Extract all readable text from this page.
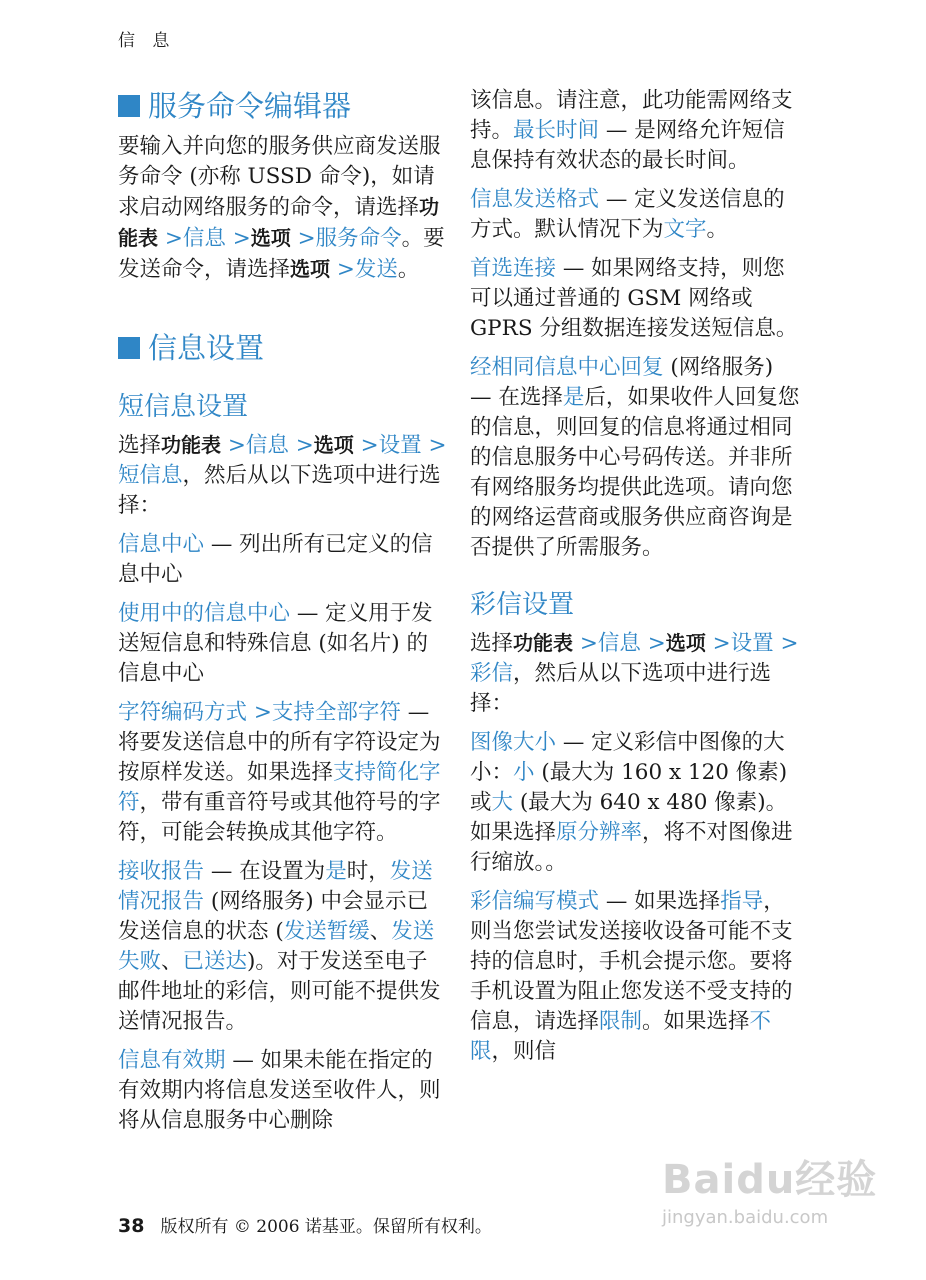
信 息
服务命令编辑器

要输入并向您的服务供应商发送服务命令 (亦称 USSD 命令)，如请求启动网络服务的命令，请选择功能表 >信息 >选项 >服务命令。要发送命令，请选择选项 >发送。

信息设置
短信息设置

选择功能表 >信息 >选项 >设置 >短信息，然后从以下选项中进行选择：

信息中心 — 列出所有已定义的信息中心

使用中的信息中心 — 定义用于发送短信息和特殊信息 (如名片) 的信息中心

字符编码方式 >支持全部字符 — 将要发送信息中的所有字符设定为按原样发送。如果选择支持简化字符，带有重音符号或其他符号的字符，可能会转换成其他字符。

接收报告 — 在设置为是时，发送情况报告 (网络服务) 中会显示已发送信息的状态 (发送暂缓、发送失败、已送达)。对于发送至电子邮件地址的彩信，则可能不提供发送情况报告。

信息有效期 — 如果未能在指定的有效期内将信息发送至收件人，则将从信息服务中心删除

该信息。请注意，此功能需网络支持。最长时间 — 是网络允许短信息保持有效状态的最长时间。

信息发送格式 — 定义发送信息的方式。默认情况下为文字。

首选连接 — 如果网络支持，则您可以通过普通的 GSM 网络或 GPRS 分组数据连接发送短信息。

经相同信息中心回复 (网络服务) — 在选择是后，如果收件人回复您的信息，则回复的信息将通过相同的信息服务中心号码传送。并非所有网络服务均提供此选项。请向您的网络运营商或服务供应商咨询是否提供了所需服务。

彩信设置

选择功能表 >信息 >选项 >设置 >彩信，然后从以下选项中进行选择：

图像大小 — 定义彩信中图像的大小：小 (最大为 160 x 120 像素) 或大 (最大为 640 x 480 像素)。如果选择原分辨率，将不对图像进行缩放。。

彩信编写模式 — 如果选择指导，则当您尝试发送接收设备可能不支持的信息时，手机会提示您。要将手机设置为阻止您发送不受支持的信息，请选择限制。如果选择不限，则信

Baidu经验
jingyan.baidu.com
38 版权所有 © 2006 诺基亚。保留所有权利。
